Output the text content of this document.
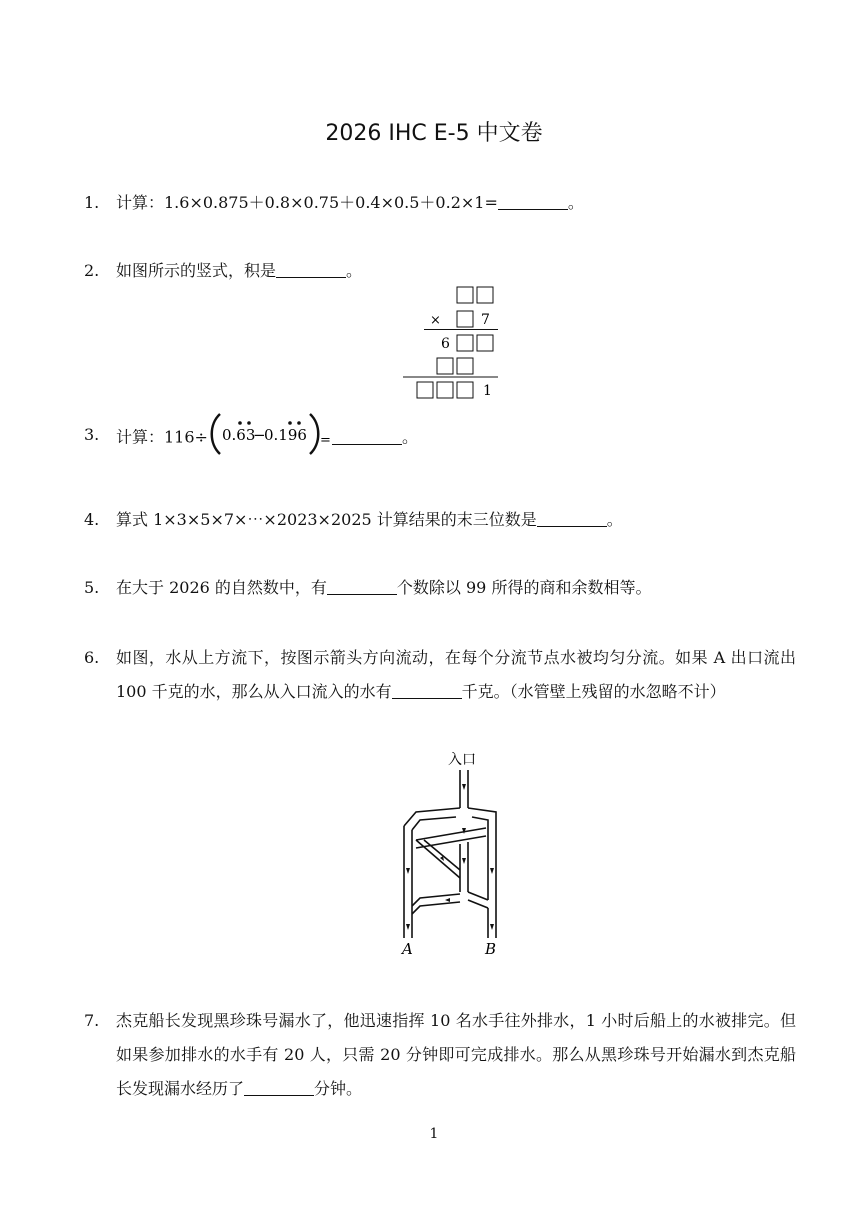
2026 IHC E-5 中文卷
1. 计算：1.6×0.875＋0.8×0.75＋0.4×0.5＋0.2×1=	。
2. 如图所示的竖式，积是	。
×	7
6
1
3. 计算：116÷ 0.63
−
0.196 =	。
4. 算式 1×3×5×7×⋯×2023×2025 计算结果的末三位数是	。
5. 在大于 2026 的自然数中，有	个数除以 99 所得的商和余数相等。
6. 如图，水从上方流下，按图示箭头方向流动，在每个分流节点水被均匀分流。如果 A 出口流出 100 千克的水，那么从入口流入的水有	千克。（水管壁上残留的水忽略不计）
入口
A	B
7. 杰克船长发现黑珍珠号漏水了，他迅速指挥 10 名水手往外排水，1 小时后船上的水被排完。但如果参加排水的水手有 20 人，只需 20 分钟即可完成排水。那么从黑珍珠号开始漏水到杰克船长发现漏水经历了	分钟。
1
